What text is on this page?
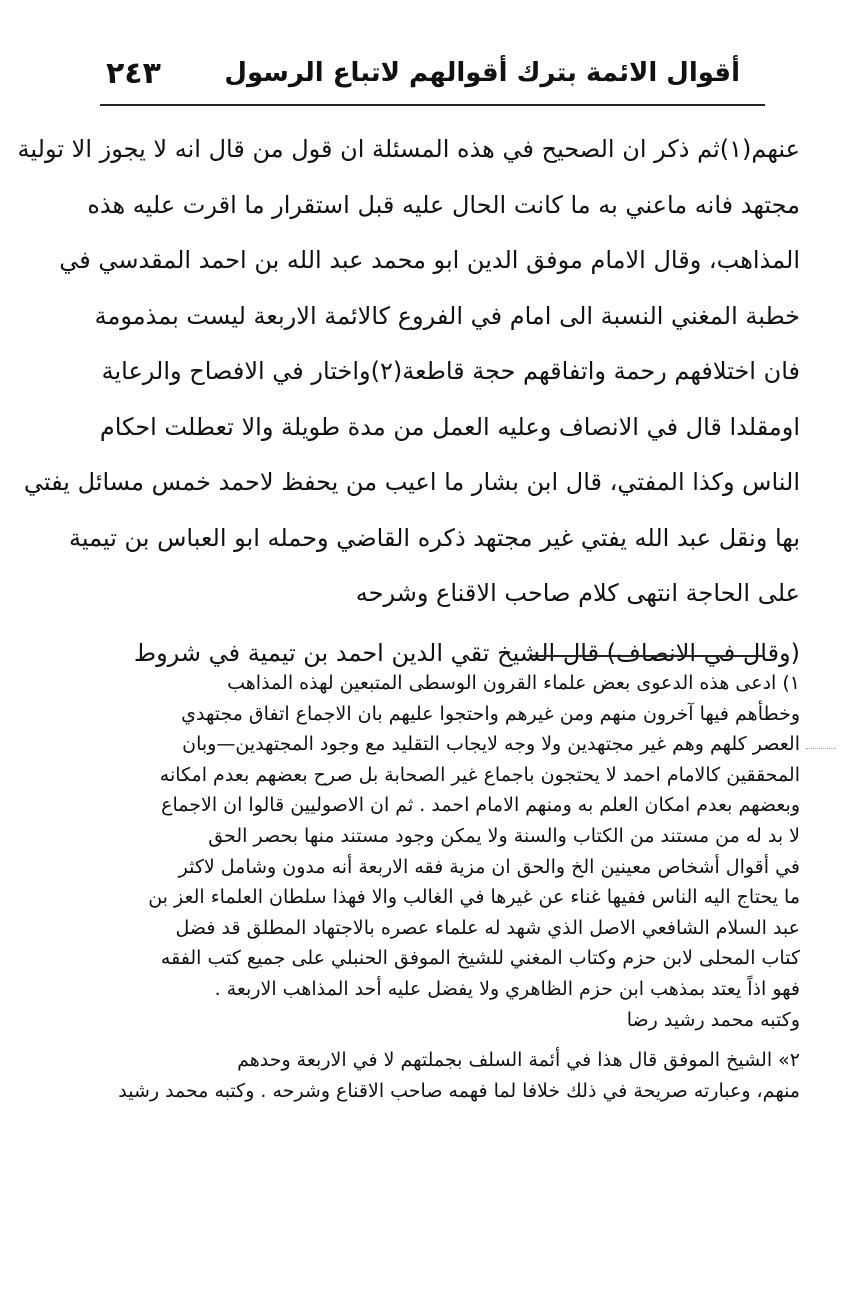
أقوال الائمة بترك أقوالهم لاتباع الرسول
٢٤٣
عنهم(١)ثم ذكر ان الصحيح في هذه المسئلة ان قول من قال انه لا يجوز الا تولية
مجتهد فانه ماعني به ما كانت الحال عليه قبل استقرار ما اقرت عليه هذه
المذاهب، وقال الامام موفق الدين ابو محمد عبد الله بن احمد المقدسي في
خطبة المغني النسبة الى امام في الفروع كالائمة الاربعة ليست بمذمومة
فان اختلافهم رحمة واتفاقهم حجة قاطعة(٢)واختار في الافصاح والرعاية
اومقلدا قال في الانصاف وعليه العمل من مدة طويلة والا تعطلت احكام
الناس وكذا المفتي، قال ابن بشار ما اعيب من يحفظ لاحمد خمس مسائل يفتي
بها ونقل عبد الله يفتي غير مجتهد ذكره القاضي وحمله ابو العباس بن تيمية
على الحاجة انتهى كلام صاحب الاقناع وشرحه
(وقال في الانصاف) قال الشيخ تقي الدين احمد بن تيمية في شروط
١) ادعى هذه الدعوى بعض علماء القرون الوسطى المتبعين لهذه المذاهب
وخطأهم فيها آخرون منهم ومن غيرهم واحتجوا عليهم بان الاجماع اتفاق مجتهدي
العصر كلهم وهم غير مجتهدين ولا وجه لايجاب التقليد مع وجود المجتهدين—وبان
المحققين كالامام احمد لا يحتجون باجماع غير الصحابة بل صرح بعضهم بعدم امكانه
وبعضهم بعدم امكان العلم به ومنهم الامام احمد . ثم ان الاصوليين قالوا ان الاجماع
لا بد له من مستند من الكتاب والسنة ولا يمكن وجود مستند منها بحصر الحق
في أقوال أشخاص معينين الخ والحق ان مزية فقه الاربعة أنه مدون وشامل لاكثر
ما يحتاج اليه الناس ففيها غناء عن غيرها في الغالب والا فهذا سلطان العلماء العز بن
عبد السلام الشافعي الاصل الذي شهد له علماء عصره بالاجتهاد المطلق قد فضل
كتاب المحلى لابن حزم وكتاب المغني للشيخ الموفق الحنبلي على جميع كتب الفقه
فهو اذاً يعتد بمذهب ابن حزم الظاهري ولا يفضل عليه أحد المذاهب الاربعة .
وكتبه محمد رشيد رضا
٢» الشيخ الموفق قال هذا في أئمة السلف بجملتهم لا في الاربعة وحدهم
منهم، وعبارته صريحة في ذلك خلافا لما فهمه صاحب الاقناع وشرحه . وكتبه محمد رشيد
